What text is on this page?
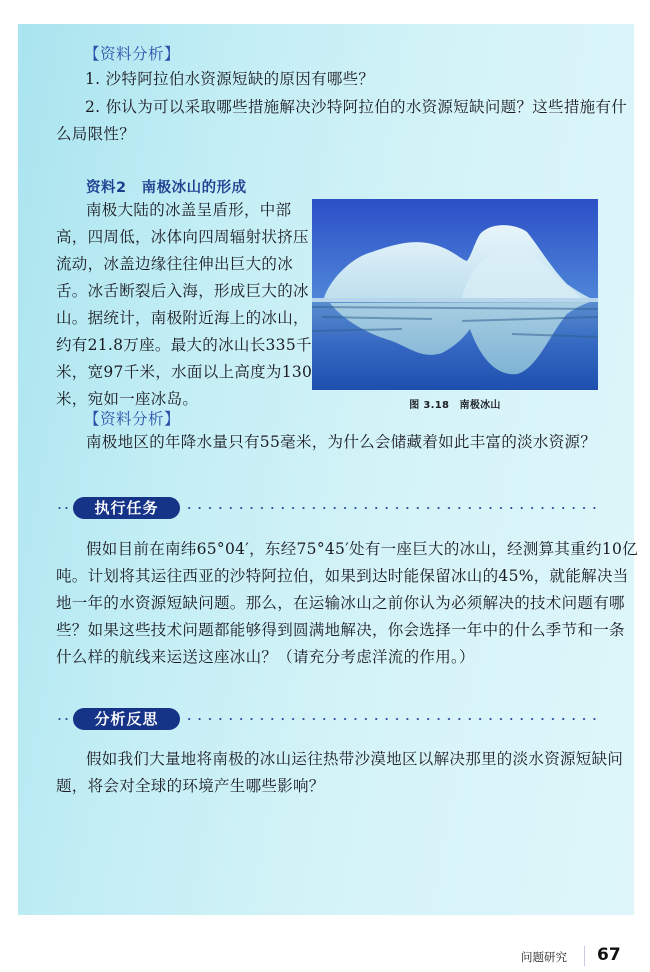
【资料分析】
1. 沙特阿拉伯水资源短缺的原因有哪些？
2. 你认为可以采取哪些措施解决沙特阿拉伯的水资源短缺问题？这些措施有什
么局限性？
资料2　南极冰山的形成
南极大陆的冰盖呈盾形，中部
高，四周低，冰体向四周辐射状挤压
流动，冰盖边缘往往伸出巨大的冰
舌。冰舌断裂后入海，形成巨大的冰
山。据统计，南极附近海上的冰山，
约有21.8万座。最大的冰山长335千
米，宽97千米，水面以上高度为130
米，宛如一座冰岛。
【资料分析】
南极地区的年降水量只有55毫米，为什么会储藏着如此丰富的淡水资源？
图 3.18　南极冰山
执行任务
假如目前在南纬65°04′，东经75°45′处有一座巨大的冰山，经测算其重约10亿
吨。计划将其运往西亚的沙特阿拉伯，如果到达时能保留冰山的45%，就能解决当
地一年的水资源短缺问题。那么，在运输冰山之前你认为必须解决的技术问题有哪
些？如果这些技术问题都能够得到圆满地解决，你会选择一年中的什么季节和一条
什么样的航线来运送这座冰山？（请充分考虑洋流的作用。）
分析反思
假如我们大量地将南极的冰山运往热带沙漠地区以解决那里的淡水资源短缺问
题，将会对全球的环境产生哪些影响？
问题研究 67
